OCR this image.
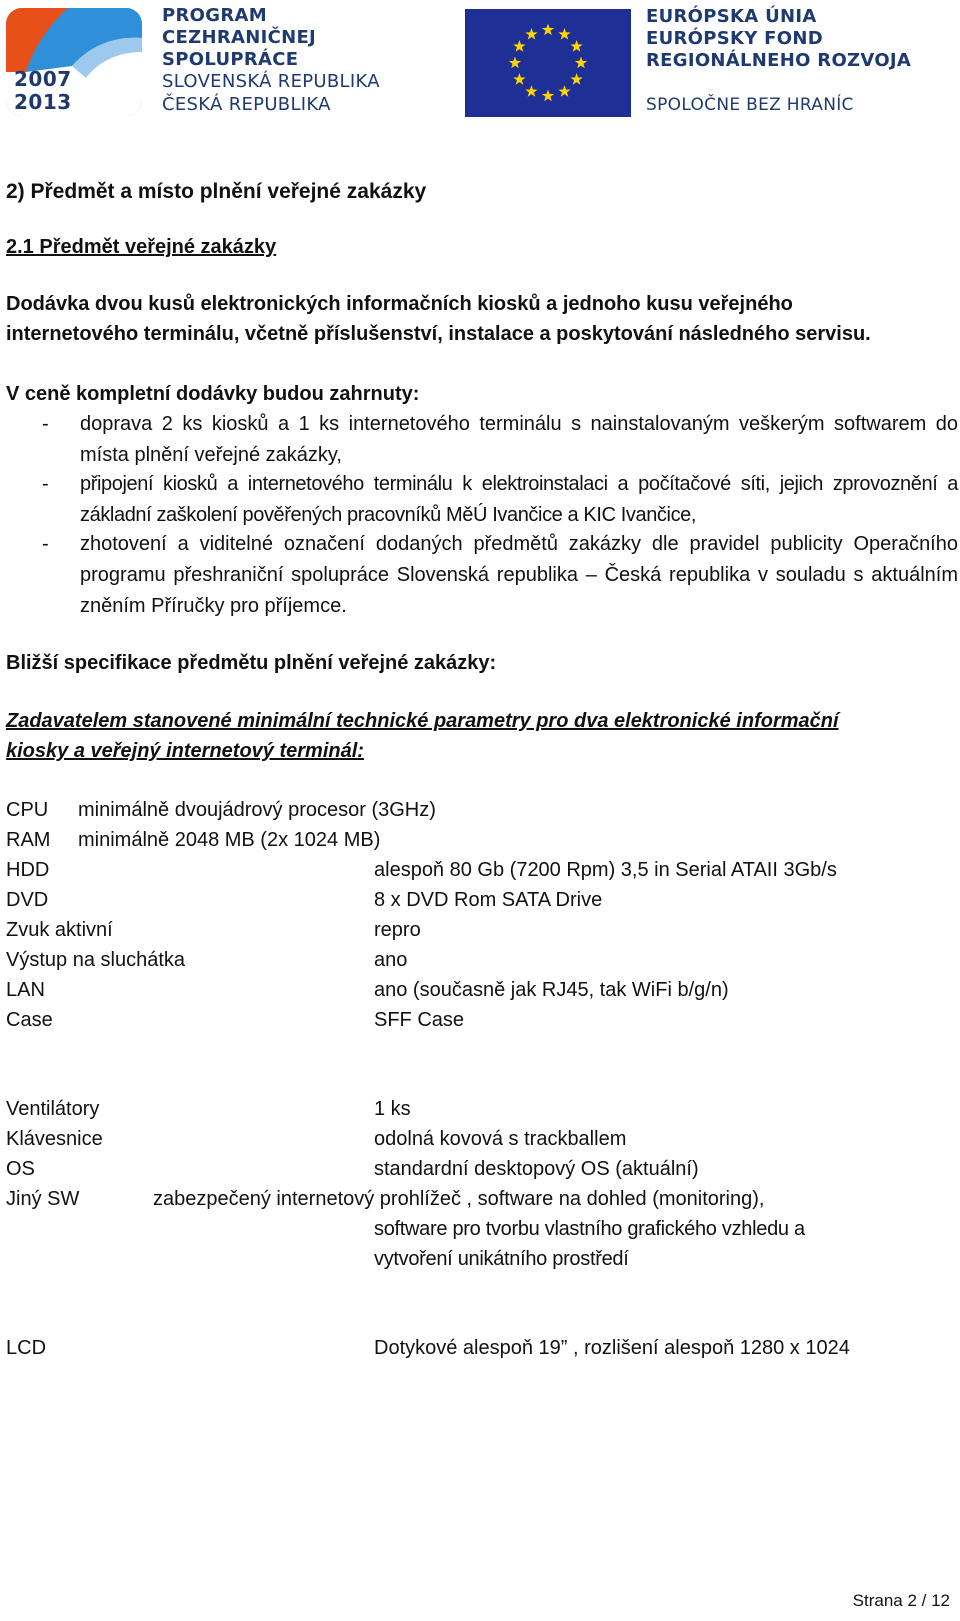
2007
2013
PROGRAM
CEZHRANIČNEJ
SPOLUPRÁCE
SLOVENSKÁ REPUBLIKA
ČESKÁ REPUBLIKA
EURÓPSKA ÚNIA
EURÓPSKY FOND
REGIONÁLNEHO ROZVOJA
SPOLOČNE BEZ HRANÍC
2) Předmět a místo plnění veřejné zakázky
2.1 Předmět veřejné zakázky
Dodávka dvou kusů elektronických informačních kiosků a jednoho kusu veřejného
internetového terminálu, včetně příslušenství, instalace a poskytování následného servisu.
V ceně kompletní dodávky budou zahrnuty:
- doprava 2 ks kiosků a 1 ks internetového terminálu s nainstalovaným veškerým softwarem do místa plnění veřejné zakázky,
- připojení kiosků a internetového terminálu k elektroinstalaci a počítačové síti, jejich zprovoznění a základní zaškolení pověřených pracovníků MěÚ Ivančice a KIC Ivančice,
- zhotovení a viditelné označení dodaných předmětů zakázky dle pravidel publicity Operačního programu přeshraniční spolupráce Slovenská republika – Česká republika v souladu s aktuálním zněním Příručky pro příjemce.
Bližší specifikace předmětu plnění veřejné zakázky:
Zadavatelem stanovené minimální technické parametry pro dva elektronické informační
kiosky a veřejný internetový terminál:
CPU minimálně dvoujádrový procesor (3GHz)
RAM minimálně 2048 MB (2x 1024 MB)
HDD	alespoň 80 Gb (7200 Rpm) 3,5 in Serial ATAII 3Gb/s
DVD	8 x DVD Rom SATA Drive
Zvuk aktivní	repro
Výstup na sluchátka	ano
LAN	ano (současně jak RJ45, tak WiFi b/g/n)
Case	SFF Case
Ventilátory	1 ks
Klávesnice	odolná kovová s trackballem
OS	standardní desktopový OS (aktuální)
Jiný SW	zabezpečený internetový prohlížeč , software na dohled (monitoring),
software pro tvorbu vlastního grafického vzhledu a
vytvoření unikátního prostředí
LCD	Dotykové alespoň 19” , rozlišení alespoň 1280 x 1024
Strana 2 / 12
